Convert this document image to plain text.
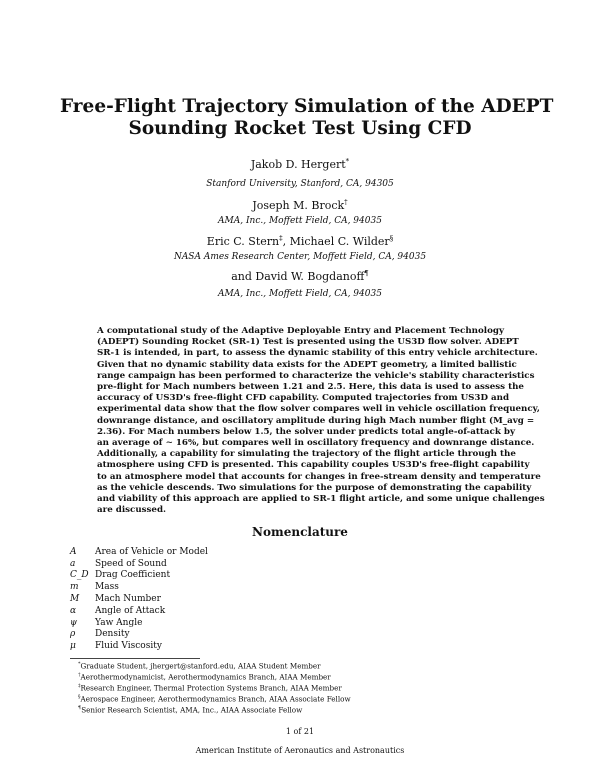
Free-Flight Trajectory Simulation of the ADEPT
Sounding Rocket Test Using CFD
Jakob D. Hergert*
Stanford University, Stanford, CA, 94305
Joseph M. Brock†
AMA, Inc., Moffett Field, CA, 94035
Eric C. Stern‡, Michael C. Wilder§
NASA Ames Research Center, Moffett Field, CA, 94035
and David W. Bogdanoff¶
AMA, Inc., Moffett Field, CA, 94035
A computational study of the Adaptive Deployable Entry and Placement Technology
(ADEPT) Sounding Rocket (SR-1) Test is presented using the US3D flow solver. ADEPT
SR-1 is intended, in part, to assess the dynamic stability of this entry vehicle architecture.
Given that no dynamic stability data exists for the ADEPT geometry, a limited ballistic
range campaign has been performed to characterize the vehicle's stability characteristics
pre-flight for Mach numbers between 1.21 and 2.5. Here, this data is used to assess the
accuracy of US3D's free-flight CFD capability. Computed trajectories from US3D and
experimental data show that the flow solver compares well in vehicle oscillation frequency,
downrange distance, and oscillatory amplitude during high Mach number flight (M_avg =
2.36). For Mach numbers below 1.5, the solver under predicts total angle-of-attack by
an average of ∼ 16%, but compares well in oscillatory frequency and downrange distance.
Additionally, a capability for simulating the trajectory of the flight article through the
atmosphere using CFD is presented. This capability couples US3D's free-flight capability
to an atmosphere model that accounts for changes in free-stream density and temperature
as the vehicle descends. Two simulations for the purpose of demonstrating the capability
and viability of this approach are applied to SR-1 flight article, and some unique challenges
are discussed.
Nomenclature
A	Area of Vehicle or Model
a	Speed of Sound
C_D Drag Coefficient
m	Mass
M	Mach Number
α	Angle of Attack
ψ	Yaw Angle
ρ	Density
μ	Fluid Viscosity
*Graduate Student, jhergert@stanford.edu, AIAA Student Member
†Aerothermodynamicist, Aerothermodynamics Branch, AIAA Member
‡Research Engineer, Thermal Protection Systems Branch, AIAA Member
§Aerospace Engineer, Aerothermodynamics Branch, AIAA Associate Fellow
¶Senior Research Scientist, AMA, Inc., AIAA Associate Fellow
1 of 21
American Institute of Aeronautics and Astronautics
